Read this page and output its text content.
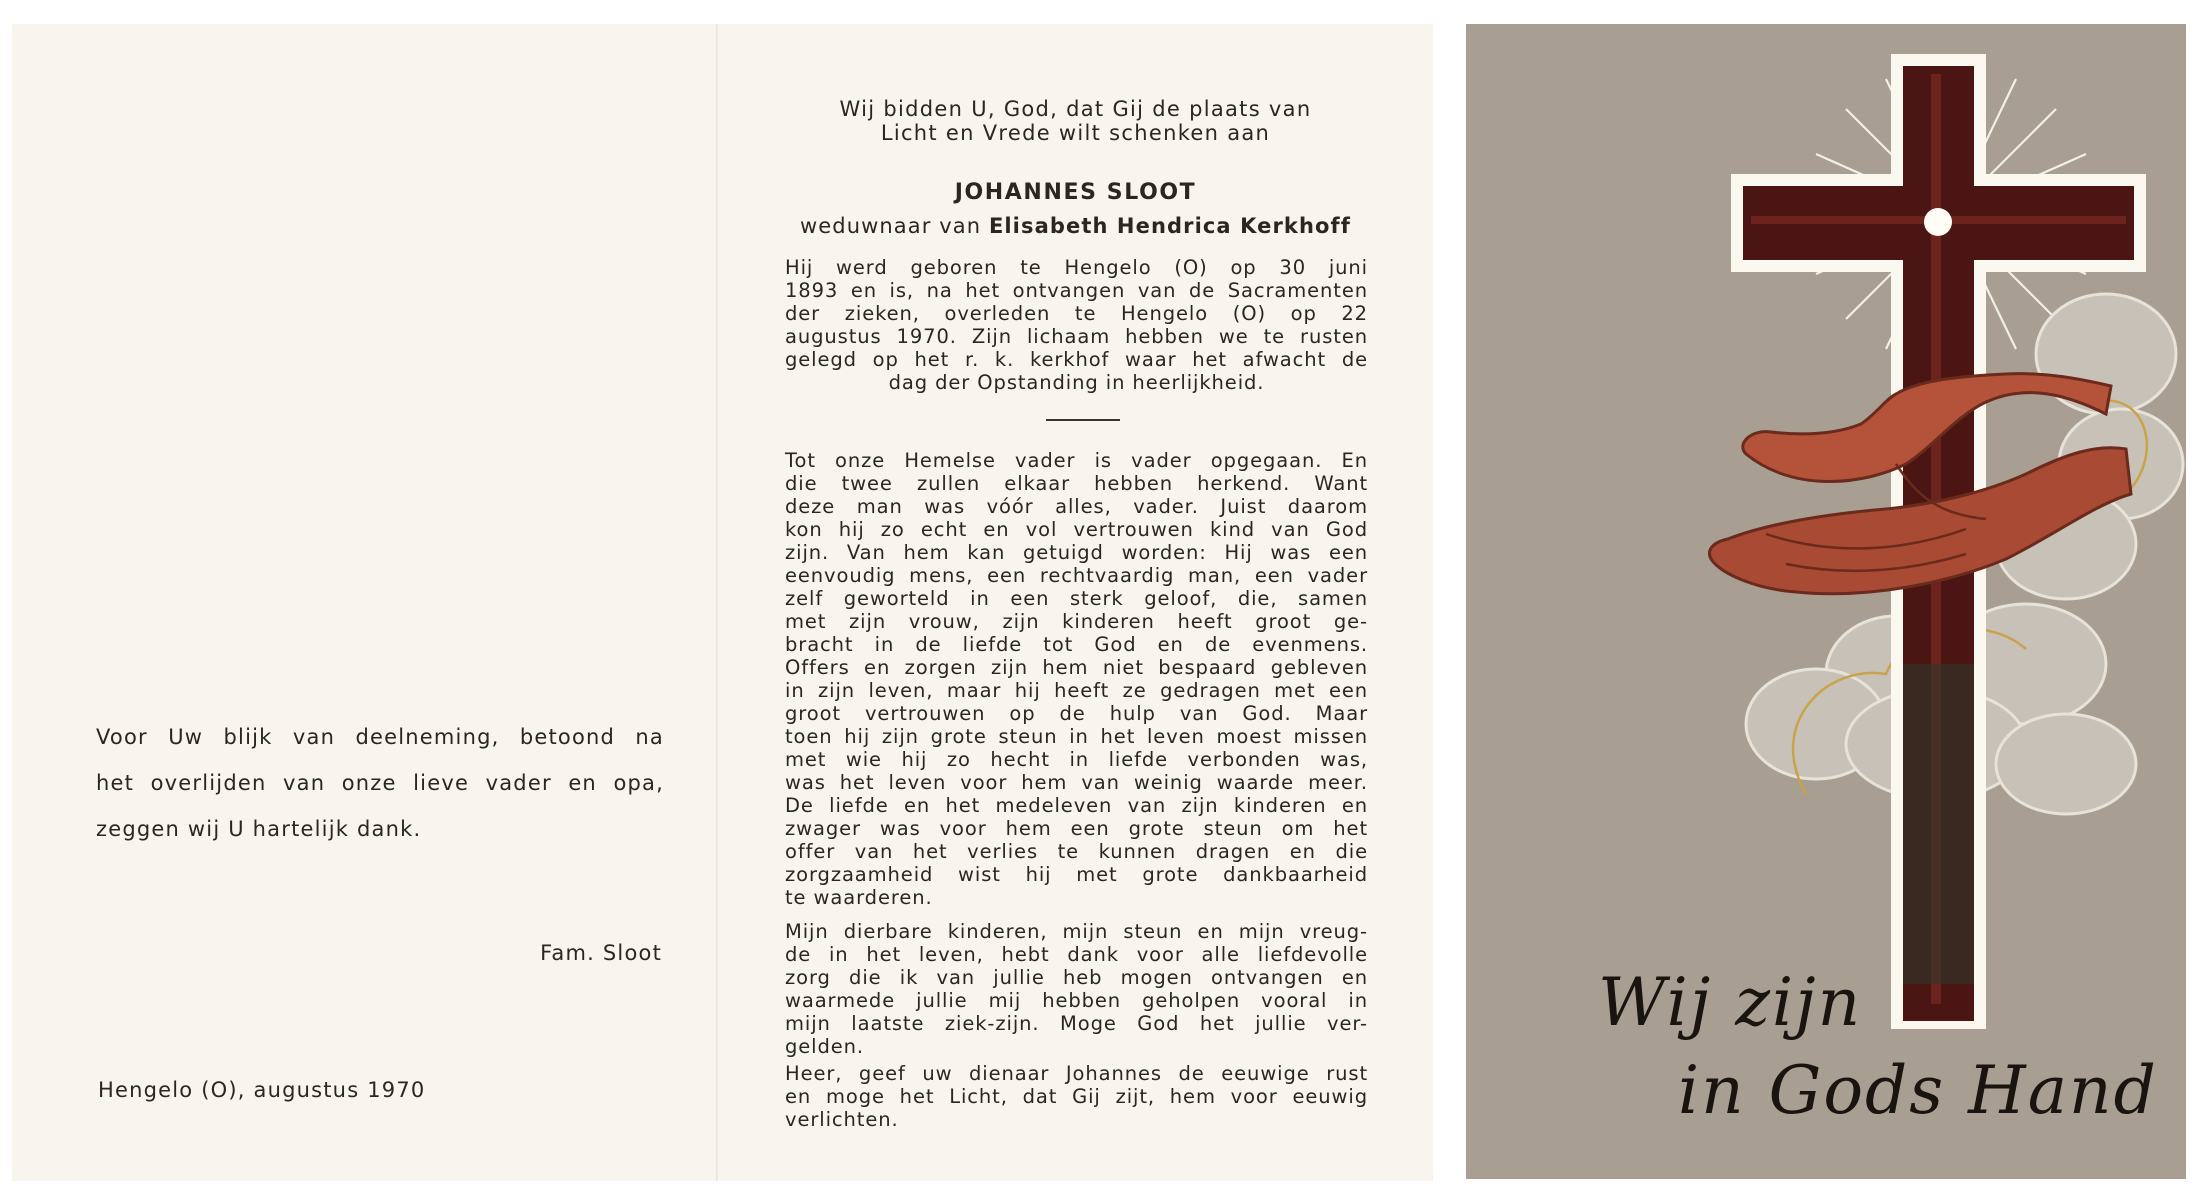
Voor Uw blijk van deelneming, betoond na
het overlijden van onze lieve vader en opa,
zeggen wij U hartelijk dank.
Fam. Sloot
Hengelo (O), augustus 1970
Wij bidden U, God, dat Gij de plaats van
Licht en Vrede wilt schenken aan
JOHANNES SLOOT
weduwnaar van Elisabeth Hendrica Kerkhoff
Hij werd geboren te Hengelo (O) op 30 juni
1893 en is, na het ontvangen van de Sacramenten
der zieken, overleden te Hengelo (O) op 22
augustus 1970. Zijn lichaam hebben we te rusten
gelegd op het r. k. kerkhof waar het afwacht de
dag der Opstanding in heerlijkheid.
Tot onze Hemelse vader is vader opgegaan. En
die twee zullen elkaar hebben herkend. Want
deze man was vóór alles, vader. Juist daarom
kon hij zo echt en vol vertrouwen kind van God
zijn. Van hem kan getuigd worden: Hij was een
eenvoudig mens, een rechtvaardig man, een vader
zelf geworteld in een sterk geloof, die, samen
met zijn vrouw, zijn kinderen heeft groot ge-
bracht in de liefde tot God en de evenmens.
Offers en zorgen zijn hem niet bespaard gebleven
in zijn leven, maar hij heeft ze gedragen met een
groot vertrouwen op de hulp van God. Maar
toen hij zijn grote steun in het leven moest missen
met wie hij zo hecht in liefde verbonden was,
was het leven voor hem van weinig waarde meer.
De liefde en het medeleven van zijn kinderen en
zwager was voor hem een grote steun om het
offer van het verlies te kunnen dragen en die
zorgzaamheid wist hij met grote dankbaarheid
te waarderen.
Mijn dierbare kinderen, mijn steun en mijn vreug-
de in het leven, hebt dank voor alle liefdevolle
zorg die ik van jullie heb mogen ontvangen en
waarmede jullie mij hebben geholpen vooral in
mijn laatste ziek-zijn. Moge God het jullie ver-
gelden.
Heer, geef uw dienaar Johannes de eeuwige rust
en moge het Licht, dat Gij zijt, hem voor eeuwig
verlichten.
Wij zijn
in Gods Hand
